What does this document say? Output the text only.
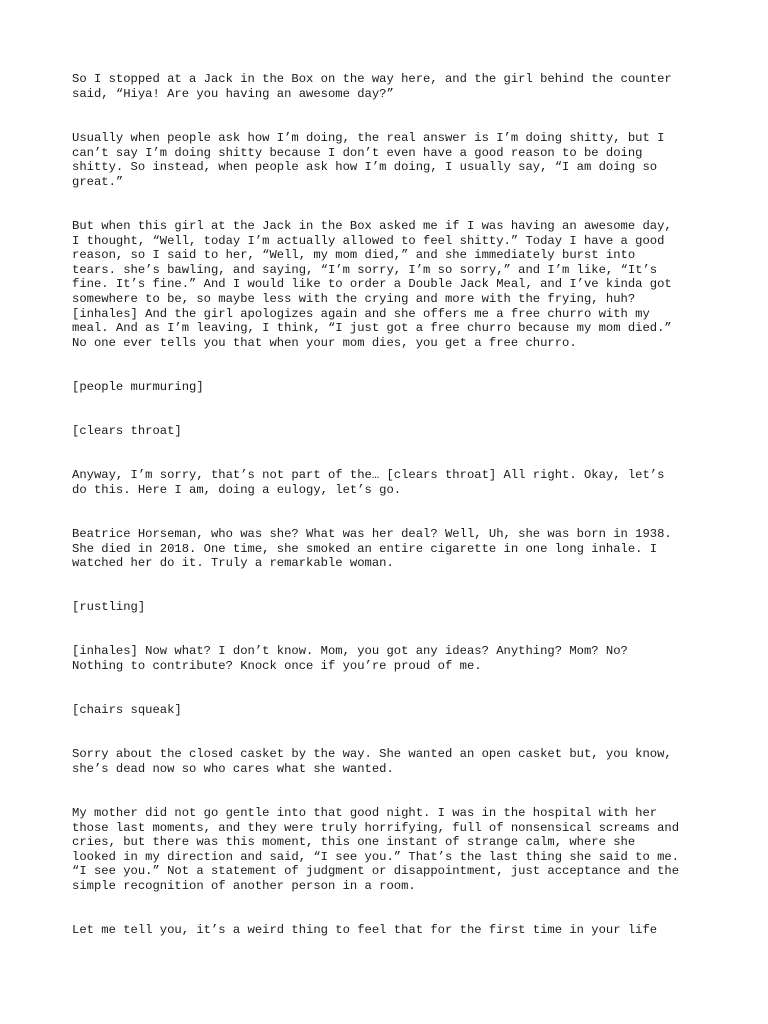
So I stopped at a Jack in the Box on the way here, and the girl behind the counter
said, “Hiya! Are you having an awesome day?”

Usually when people ask how I’m doing, the real answer is I’m doing shitty, but I
can’t say I’m doing shitty because I don’t even have a good reason to be doing
shitty. So instead, when people ask how I’m doing, I usually say, “I am doing so
great.”

But when this girl at the Jack in the Box asked me if I was having an awesome day,
I thought, “Well, today I’m actually allowed to feel shitty.” Today I have a good
reason, so I said to her, “Well, my mom died,” and she immediately burst into
tears. she’s bawling, and saying, “I’m sorry, I’m so sorry,” and I’m like, “It’s
fine. It’s fine.” And I would like to order a Double Jack Meal, and I’ve kinda got
somewhere to be, so maybe less with the crying and more with the frying, huh?
[inhales] And the girl apologizes again and she offers me a free churro with my
meal. And as I’m leaving, I think, “I just got a free churro because my mom died.”
No one ever tells you that when your mom dies, you get a free churro.

[people murmuring]

[clears throat]

Anyway, I’m sorry, that’s not part of the… [clears throat] All right. Okay, let’s
do this. Here I am, doing a eulogy, let’s go.

Beatrice Horseman, who was she? What was her deal? Well, Uh, she was born in 1938.
She died in 2018. One time, she smoked an entire cigarette in one long inhale. I
watched her do it. Truly a remarkable woman.

[rustling]

[inhales] Now what? I don’t know. Mom, you got any ideas? Anything? Mom? No?
Nothing to contribute? Knock once if you’re proud of me.

[chairs squeak]

Sorry about the closed casket by the way. She wanted an open casket but, you know,
she’s dead now so who cares what she wanted.

My mother did not go gentle into that good night. I was in the hospital with her
those last moments, and they were truly horrifying, full of nonsensical screams and
cries, but there was this moment, this one instant of strange calm, where she
looked in my direction and said, “I see you.” That’s the last thing she said to me.
“I see you.” Not a statement of judgment or disappointment, just acceptance and the
simple recognition of another person in a room.

Let me tell you, it’s a weird thing to feel that for the first time in your life
